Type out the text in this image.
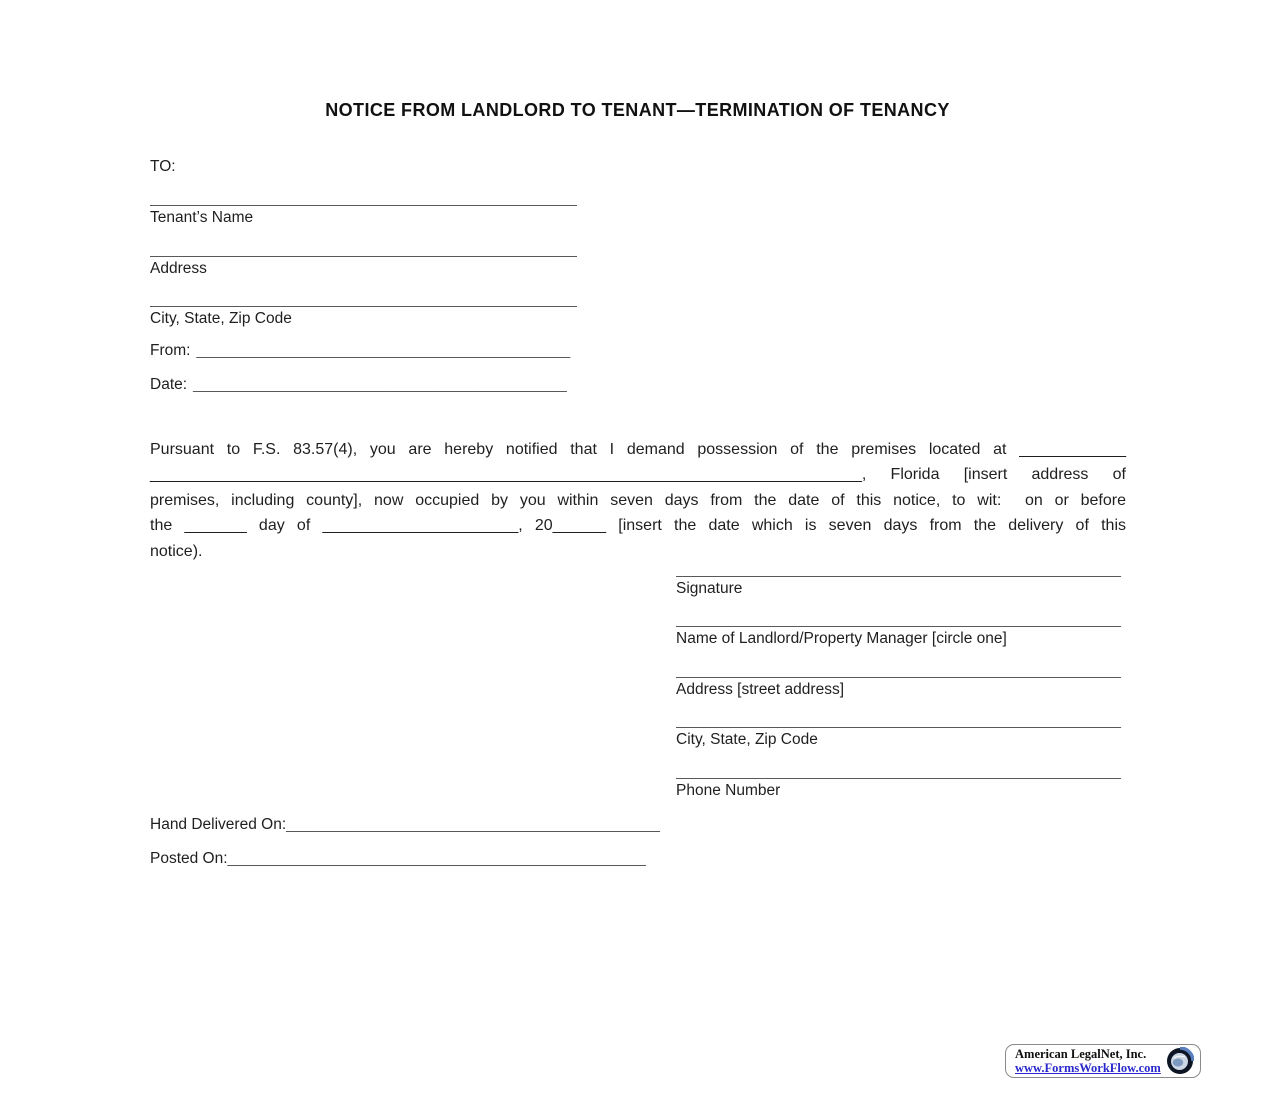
NOTICE FROM LANDLORD TO TENANT—TERMINATION OF TENANCY
TO:
________________________________________________
Tenant’s Name
________________________________________________
Address
________________________________________________
City, State, Zip Code
From: __________________________________________
Date: __________________________________________
Pursuant to F.S. 83.57(4), you are hereby notified that I demand possession of the premises located at ____________
________________________________________________________________________________, Florida [insert address of
premises, including county], now occupied by you within seven days from the date of this notice, to wit:  on or before
the _______ day of ______________________, 20______ [insert the date which is seven days from the delivery of this
notice).
__________________________________________________
Signature
__________________________________________________
Name of Landlord/Property Manager [circle one]
__________________________________________________
Address [street address]
__________________________________________________
City, State, Zip Code
__________________________________________________
Phone Number
Hand Delivered On:__________________________________________
Posted On:_______________________________________________
American LegalNet, Inc.
www.FormsWorkFlow.com
